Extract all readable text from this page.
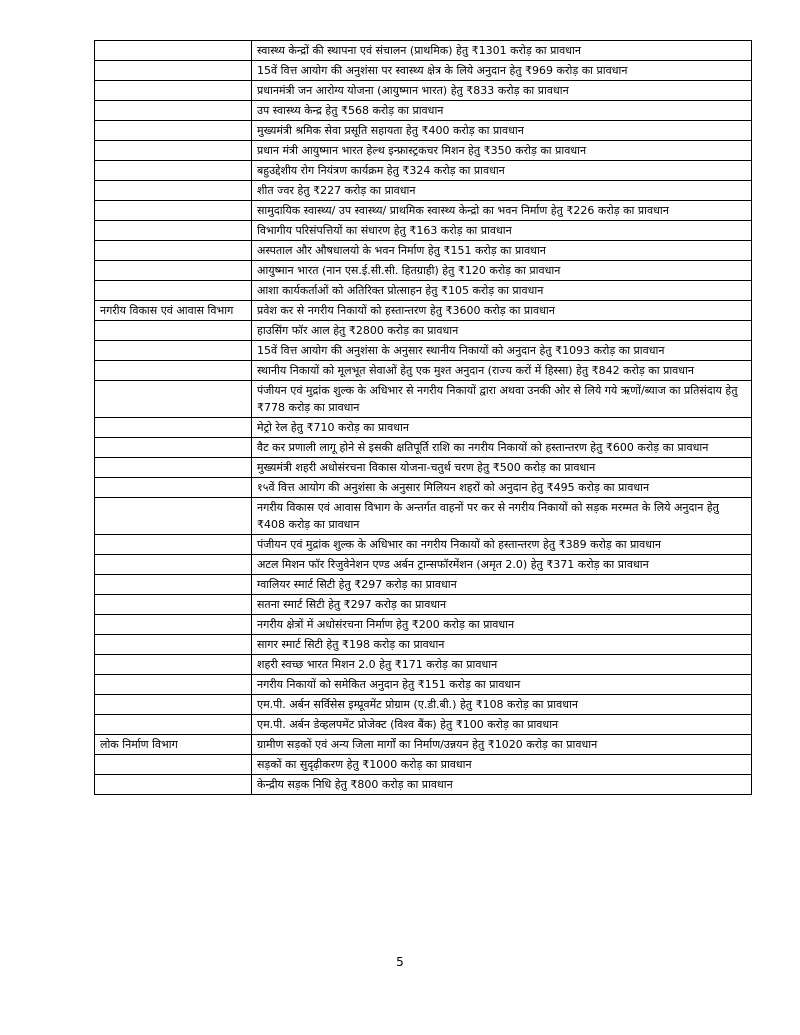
	स्वास्थ्य केन्द्रों की स्थापना एवं संचालन (प्राथमिक) हेतु ₹1301 करोड़ का प्रावधान
	15वें वित्त आयोग की अनुशंसा पर स्वास्थ्य क्षेत्र के लिये अनुदान हेतु ₹969 करोड़ का प्रावधान
	प्रधानमंत्री जन आरोग्य योजना (आयुष्मान भारत) हेतु ₹833 करोड़ का प्रावधान
	उप स्वास्थ्य केन्द्र हेतु ₹568 करोड़ का प्रावधान
	मुख्यमंत्री श्रमिक सेवा प्रसूति सहायता हेतु ₹400 करोड़ का प्रावधान
	प्रधान मंत्री आयुष्मान भारत हेल्थ इन्फ्रास्ट्रकचर मिशन हेतु ₹350 करोड़ का प्रावधान
	बहुउद्देशीय रोग नियंत्रण कार्यक्रम हेतु ₹324 करोड़ का प्रावधान
	शीत ज्वर हेतु ₹227 करोड़ का प्रावधान
	सामुदायिक स्वास्थ्य/ उप स्वास्थ्य/ प्राथमिक स्वास्थ्य केन्द्रो का भवन निर्माण हेतु ₹226 करोड़ का प्रावधान
	विभागीय परिसंपत्तियों का संधारण हेतु ₹163 करोड़ का प्रावधान
	अस्पताल और औषधालयो के भवन निर्माण हेतु ₹151 करोड़ का प्रावधान
	आयुष्मान भारत (नान एस.ई.सी.सी. हितग्राही) हेतु ₹120 करोड़ का प्रावधान
	आशा कार्यकर्ताओं को अतिरिक्त प्रोत्साहन हेतु ₹105 करोड़ का प्रावधान
नगरीय विकास एवं आवास विभाग	प्रवेश कर से नगरीय निकायों को हस्तान्तरण हेतु ₹3600 करोड़ का प्रावधान
	हाउसिंग फॉर आल हेतु ₹2800 करोड़ का प्रावधान
	15वें वित्त आयोग की अनुशंसा के अनुसार स्थानीय निकायों को अनुदान हेतु ₹1093 करोड़ का प्रावधान
	स्थानीय निकायों को मूलभूत सेवाओं हेतु एक मुश्त अनुदान (राज्य करों में हिस्सा) हेतु ₹842 करोड़ का प्रावधान
	पंजीयन एवं मुद्रांक शुल्क के अधिभार से नगरीय निकायों द्वारा अथवा उनकी ओर से लिये गये ऋणों/ब्याज का प्रतिसंदाय हेतु ₹778 करोड़ का प्रावधान
	मेट्रो रेल हेतु ₹710 करोड़ का प्रावधान
	वैट कर प्रणाली लागू होने से इसकी क्षतिपूर्ति राशि का नगरीय निकायों को हस्तान्तरण हेतु ₹600 करोड़ का प्रावधान
	मुख्यमंत्री शहरी अधोसंरचना विकास योजना-चतुर्थ चरण हेतु ₹500 करोड़ का प्रावधान
	१५वें वित्त आयोग की अनुशंसा के अनुसार मिलियन शहरों को अनुदान हेतु ₹495 करोड़ का प्रावधान
	नगरीय विकास एवं आवास विभाग के अन्तर्गत वाहनों पर कर से नगरीय निकायों को सड़क मरम्मत के लिये अनुदान हेतु ₹408 करोड़ का प्रावधान
	पंजीयन एवं मुद्रांक शुल्क के अधिभार का नगरीय निकायों को हस्तान्तरण हेतु ₹389 करोड़ का प्रावधान
	अटल मिशन फॉर रिजुवेनेशन एण्ड अर्बन ट्रान्सफॉरमेंशन (अमृत 2.0) हेतु ₹371 करोड़ का प्रावधान
	ग्वालियर स्मार्ट सिटी हेतु ₹297 करोड़ का प्रावधान
	सतना स्मार्ट सिटी हेतु ₹297 करोड़ का प्रावधान
	नगरीय क्षेत्रों में अधोसंरचना निर्माण हेतु ₹200 करोड़ का प्रावधान
	सागर स्मार्ट सिटी हेतु ₹198 करोड़ का प्रावधान
	शहरी स्वच्छ भारत मिशन 2.0 हेतु ₹171 करोड़ का प्रावधान
	नगरीय निकायों को समेकित अनुदान हेतु ₹151 करोड़ का प्रावधान
	एम.पी. अर्बन सर्विसेस इम्प्रूवमेंट प्रोग्राम (ए.डी.बी.) हेतु ₹108 करोड़ का प्रावधान
	एम.पी. अर्बन डेव्हलपमेंट प्रोजेक्ट (विश्व बैंक) हेतु ₹100 करोड़ का प्रावधान
लोक निर्माण विभाग	ग्रामीण सड़कों एवं अन्य जिला मार्गों का निर्माण/उन्नयन हेतु ₹1020 करोड़ का प्रावधान
	सड़कों का सुदृढ़ीकरण हेतु ₹1000 करोड़ का प्रावधान
	केन्द्रीय सड़क निधि हेतु ₹800 करोड़ का प्रावधान
5
